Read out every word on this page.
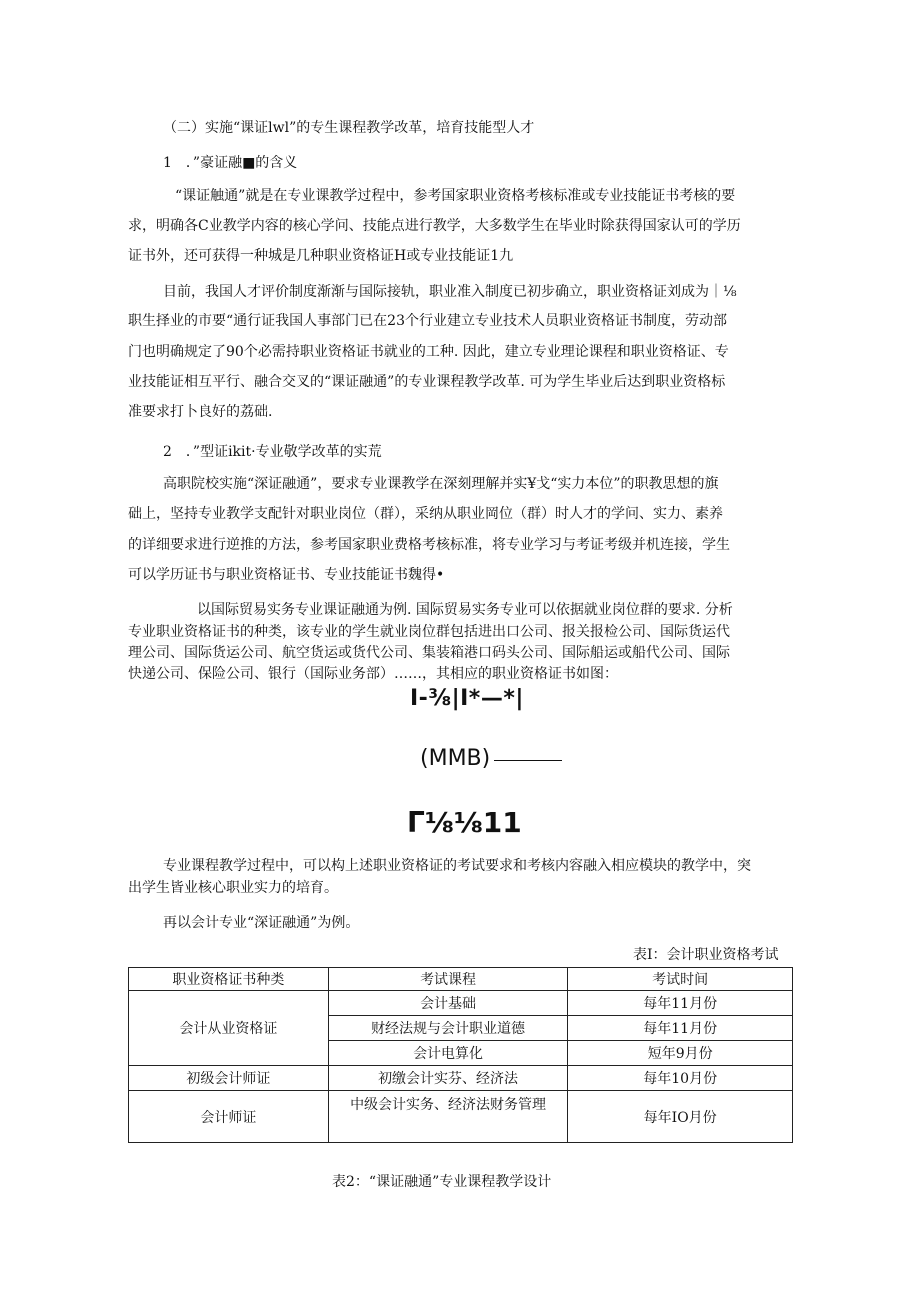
（二）实施“课证lwl”的专生课程教学改革，培育技能型人才
1　．”豪证融■的含义
“课证触通”就是在专业课教学过程中，参考国家职业资格考核标准或专业技能证书考核的要
求，明确各C业教学内容的核心学问、技能点进行教学，大多数学生在毕业时除获得国家认可的学历
证书外，还可获得一种城是几种职业资格证H或专业技能证1九
目前，我国人才评价制度渐渐与国际接轨，职业准入制度已初步确立，职业资格证刘成为｜⅛
职生择业的市要“通行证我国人事部门已在23个行业建立专业技术人员职业资格证书制度，劳动部
门也明确规定了90个必需持职业资格证书就业的工种. 因此，建立专业理论课程和职业资格证、专
业技能证相互平行、融合交叉的“课证融通”的专业课程教学改革. 可为学生毕业后达到职业资格标
准要求打卜良好的荔础.
2　．”型证ikit·专业敬学改革的实荒
高职院校实施“深证融通”，要求专业课教学在深刻理解并实¥戈“实力本位”的职教思想的旗
础上，坚持专业教学支配针对职业岗位（群），采纳从职业岡位（群）时人才的学问、实力、素养
的详细要求进行逆推的方法，参考国家职业费格考核标准，将专业学习与考证考级并机连接，学生
可以学历证书与职业资格证书、专业技能证书魏得•
以国际贸易实务专业课证融通为例. 国际贸易实务专业可以依据就业岗位群的要求. 分析
专业职业资格证书的种类，该专业的学生就业岗位群包括进出口公司、报关报检公司、国际货运代
理公司、国际货运公司、航空货运或货代公司、集装箱港口码头公司、国际船运或船代公司、国际
快递公司、保险公司、银行（国际业务部）……，其相应的职业资格证书如图：
I-⅜|I*—*|
(MMB)
Γ⅛⅛11
专业课程教学过程中，可以构上述职业资格证的考试要求和考核内容融入相应模块的教学中，突
出学生皆业核心职业实力的培育。
再以会计专业“深证融通”为例。
表I：会计职业资格考试
职业资格证书种类	考试课程	考试时间
会计从业资格证	会计基础	每年11月份
	财经法规与会计职业道德	每年11月份
	会计电算化	短年9月份
初级会计师证	初缴会计实芬、经济法	每年10月份
会计师证	中级会计实务、经济法财务管理	每年IO月份
表2：“课证融通”专业课程教学设计
